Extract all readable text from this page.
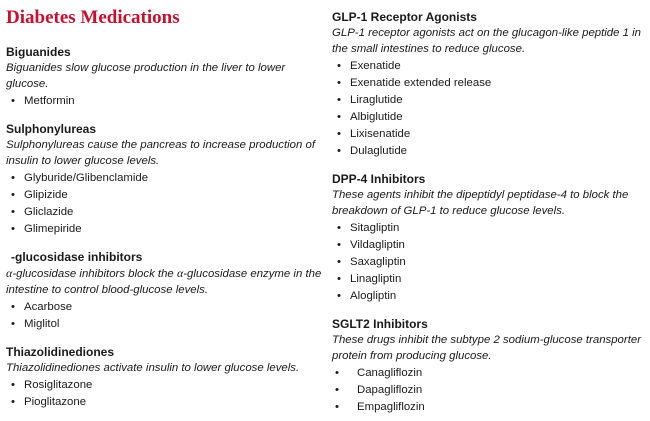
Diabetes Medications
Biguanides
Biguanides slow glucose production in the liver to lower glucose.
• Metformin
Sulphonylureas
Sulphonylureas cause the pancreas to increase production of insulin to lower glucose levels.
• Glyburide/Glibenclamide
• Glipizide
• Gliclazide
• Glimepiride
-glucosidase inhibitors
α-glucosidase inhibitors block the α-glucosidase enzyme in the intestine to control blood-glucose levels.
• Acarbose
• Miglitol
Thiazolidinediones
Thiazolidinediones activate insulin to lower glucose levels.
• Rosiglitazone
• Pioglitazone
GLP-1 Receptor Agonists
GLP-1 receptor agonists act on the glucagon-like peptide 1 in the small intestines to reduce glucose.
• Exenatide
• Exenatide extended release
• Liraglutide
• Albiglutide
• Lixisenatide
• Dulaglutide
DPP-4 Inhibitors
These agents inhibit the dipeptidyl peptidase-4 to block the breakdown of GLP-1 to reduce glucose levels.
• Sitagliptin
• Vildagliptin
• Saxagliptin
• Linagliptin
• Alogliptin
SGLT2 Inhibitors
These drugs inhibit the subtype 2 sodium-glucose transporter protein from producing glucose.
• Canagliflozin
• Dapagliflozin
• Empagliflozin
